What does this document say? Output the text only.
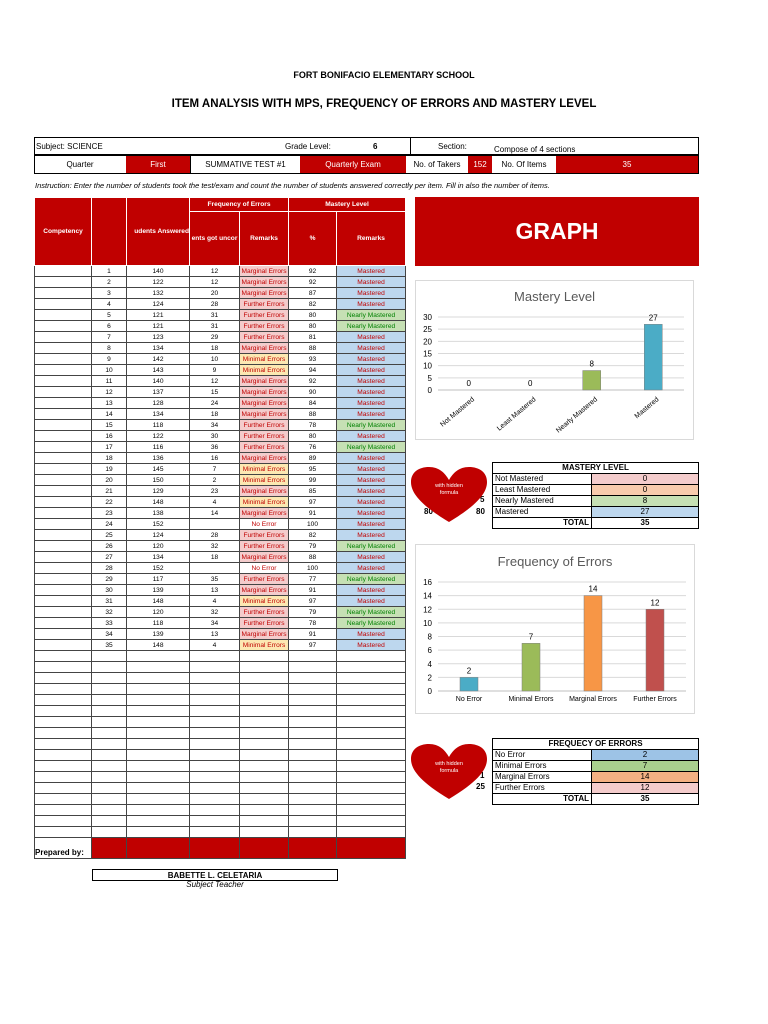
FORT BONIFACIO ELEMENTARY SCHOOL
ITEM ANALYSIS WITH MPS, FREQUENCY OF ERRORS AND MASTERY LEVEL
Subject: SCIENCE	Grade Level:	6	Section:	Compose of 4 sections
Quarter	First	SUMMATIVE TEST #1	Quarterly Exam	No. of Takers	152	No. Of Items	35
Instruction: Enter the number of students took the test/exam and count the number of students answered correctly per item. Fill in also the number of items.
Competency		udents Answered	Frequency of Errors		Mastery Level	
			ents got uncor	Remarks	%	Remarks
	1	140	12	Marginal Errors	92	Mastered
	2	122	12	Marginal Errors	92	Mastered
	3	132	20	Marginal Errors	87	Mastered
	4	124	28	Further Errors	82	Mastered
	5	121	31	Further Errors	80	Nearly Mastered
	6	121	31	Further Errors	80	Nearly Mastered
	7	123	29	Further Errors	81	Mastered
	8	134	18	Marginal Errors	88	Mastered
	9	142	10	Minimal Errors	93	Mastered
	10	143	9	Minimal Errors	94	Mastered
	11	140	12	Marginal Errors	92	Mastered
	12	137	15	Marginal Errors	90	Mastered
	13	128	24	Marginal Errors	84	Mastered
	14	134	18	Marginal Errors	88	Mastered
	15	118	34	Further Errors	78	Nearly Mastered
	16	122	30	Further Errors	80	Mastered
	17	116	36	Further Errors	76	Nearly Mastered
	18	136	16	Marginal Errors	89	Mastered
	19	145	7	Minimal Errors	95	Mastered
	20	150	2	Minimal Errors	99	Mastered
	21	129	23	Marginal Errors	85	Mastered
	22	148	4	Minimal Errors	97	Mastered
	23	138	14	Marginal Errors	91	Mastered
	24	152		No Error	100	Mastered
	25	124	28	Further Errors	82	Mastered
	26	120	32	Further Errors	79	Nearly Mastered
	27	134	18	Marginal Errors	88	Mastered
	28	152		No Error	100	Mastered
	29	117	35	Further Errors	77	Nearly Mastered
	30	139	13	Marginal Errors	91	Mastered
	31	148	4	Minimal Errors	97	Mastered
	32	120	32	Further Errors	79	Nearly Mastered
	33	118	34	Further Errors	78	Nearly Mastered
	34	139	13	Marginal Errors	91	Mastered
	35	148	4	Minimal Errors	97	Mastered

GRAPH
Mastery Level
0
5
10
15
20
25
30
0
Not Mastered
0
Least Mastered
8
Nearly Mastered
27
Mastered
MASTERY LEVEL	
Not Mastered	0
Least Mastered	0
Nearly Mastered	8
Mastered	27
TOTAL	35
5
80	80
with hidden formula
Frequency of Errors
0
2
4
6
8
10
12
14
16
2
No Error
7
Minimal Errors
14
Marginal Errors
12
Further Errors
FREQUECY OF ERRORS	
No Error	2
Minimal Errors	7
Marginal Errors	14
Further Errors	12
TOTAL	35
1
25
with hidden formula
Prepared by:
BABETTE L. CELETARIA
Subject Teacher
